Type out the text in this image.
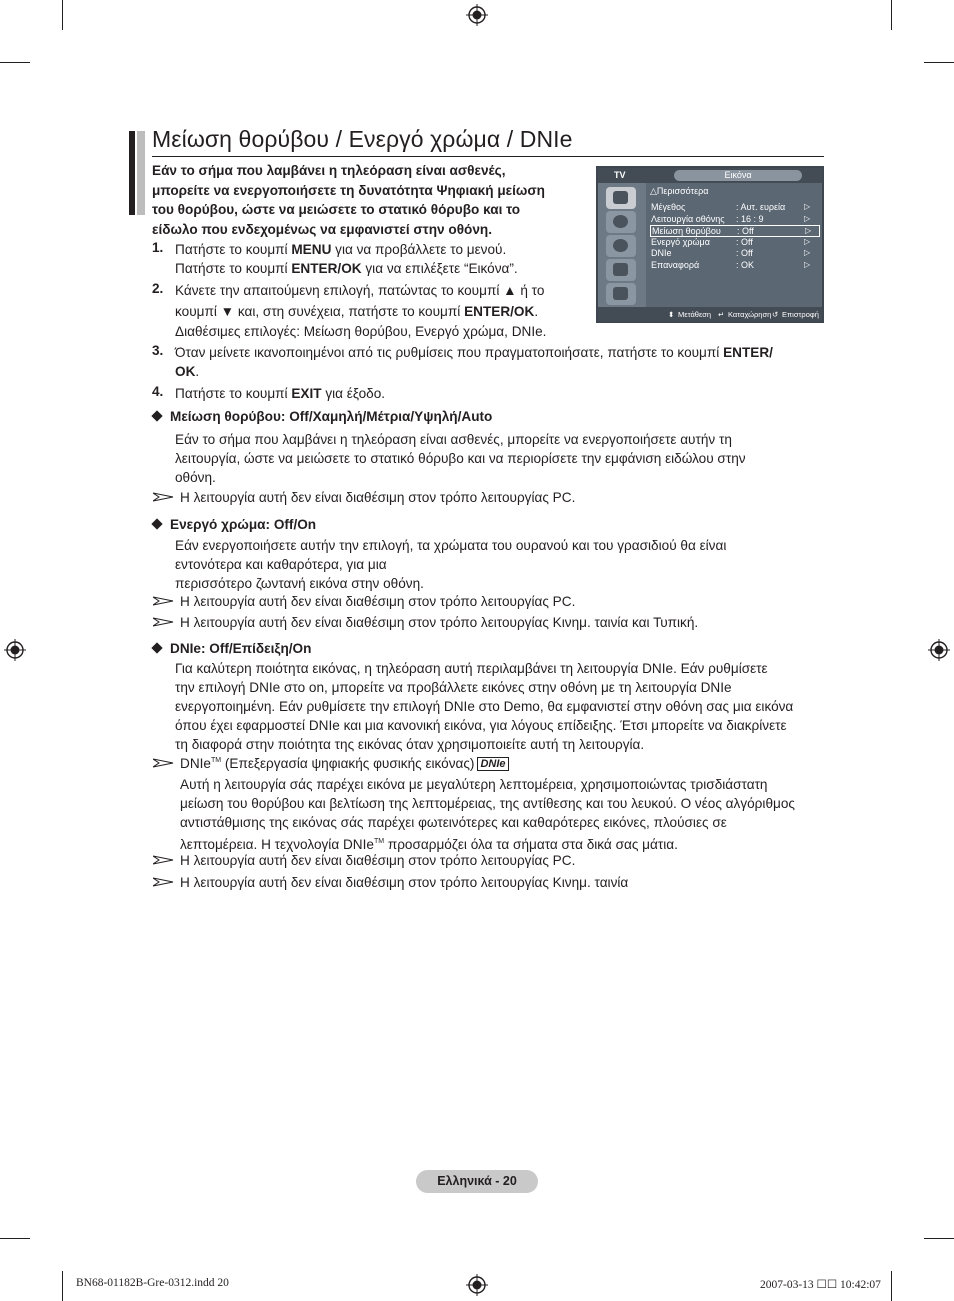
Μείωση θορύβου / Ενεργό χρώμα / DNIe
Εάν το σήμα που λαμβάνει η τηλεόραση είναι ασθενές,
μπορείτε να ενεργοποιήσετε τη δυνατότητα Ψηφιακή μείωση
του θορύβου, ώστε να μειώσετε το στατικό θόρυβο και το
είδωλο που ενδεχομένως να εμφανιστεί στην οθόνη.
1. Πατήστε το κουμπί MENU για να προβάλλετε το μενού.
Πατήστε το κουμπί ENTER/OK για να επιλέξετε “Εικόνα”.
2. Κάνετε την απαιτούμενη επιλογή, πατώντας το κουμπί ▲ ή το
κουμπί ▼ και, στη συνέχεια, πατήστε το κουμπί ENTER/OK.
Διαθέσιμες επιλογές: Μείωση θορύβου, Ενεργό χρώμα, DNIe.
3. Όταν μείνετε ικανοποιημένοι από τις ρυθμίσεις που πραγματοποιήσατε, πατήστε το κουμπί ENTER/
OK.
4. Πατήστε το κουμπί EXIT για έξοδο.
TV	Εικόνα
△Περισσότερα
Μέγεθος	: Αυτ. ευρεία ▷
Λειτουργία οθόνης : 16 : 9	▷
Μείωση θορύβου : Off	▷
Ενεργό χρώμα	: Off	▷
DNIe	: Off	▷
Επαναφορά	: OK	▷
⬍ Μετάθεση ↵ Καταχώρηση ↺ Επιστροφή
Μείωση θορύβου: Off/Χαμηλή/Μέτρια/Υψηλή/Auto
Εάν το σήμα που λαμβάνει η τηλεόραση είναι ασθενές, μπορείτε να ενεργοποιήσετε αυτήν τη
λειτουργία, ώστε να μειώσετε το στατικό θόρυβο και να περιορίσετε την εμφάνιση ειδώλου στην
οθόνη.
Η λειτουργία αυτή δεν είναι διαθέσιμη στον τρόπο λειτουργίας PC.
Ενεργό χρώμα: Off/On
Εάν ενεργοποιήσετε αυτήν την επιλογή, τα χρώματα του ουρανού και του γρασιδιού θα είναι
εντονότερα και καθαρότερα, για μια
περισσότερο ζωντανή εικόνα στην οθόνη.
Η λειτουργία αυτή δεν είναι διαθέσιμη στον τρόπο λειτουργίας PC.
Η λειτουργία αυτή δεν είναι διαθέσιμη στον τρόπο λειτουργίας Κινημ. ταινία και Τυπική.
DNIe: Off/Επίδειξη/On
Για καλύτερη ποιότητα εικόνας, η τηλεόραση αυτή περιλαμβάνει τη λειτουργία DNIe. Εάν ρυθμίσετε
την επιλογή DNIe στο on, μπορείτε να προβάλλετε εικόνες στην οθόνη με τη λειτουργία DNIe
ενεργοποιημένη. Εάν ρυθμίσετε την επιλογή DNIe στο Demo, θα εμφανιστεί στην οθόνη σας μια εικόνα
όπου έχει εφαρμοστεί DNIe και μια κανονική εικόνα, για λόγους επίδειξης. Έτσι μπορείτε να διακρίνετε
τη διαφορά στην ποιότητα της εικόνας όταν χρησιμοποιείτε αυτή τη λειτουργία.
DNIe™ (Επεξεργασία ψηφιακής φυσικής εικόνας) DNIe
Αυτή η λειτουργία σάς παρέχει εικόνα με μεγαλύτερη λεπτομέρεια, χρησιμοποιώντας τρισδιάστατη
μείωση του θορύβου και βελτίωση της λεπτομέρειας, της αντίθεσης και του λευκού. Ο νέος αλγόριθμος
αντιστάθμισης της εικόνας σάς παρέχει φωτεινότερες και καθαρότερες εικόνες, πλούσιες σε
λεπτομέρεια. Η τεχνολογία DNIe™ προσαρμόζει όλα τα σήματα στα δικά σας μάτια.
Η λειτουργία αυτή δεν είναι διαθέσιμη στον τρόπο λειτουργίας PC.
Η λειτουργία αυτή δεν είναι διαθέσιμη στον τρόπο λειτουργίας Κινημ. ταινία
Ελληνικά - 20
BN68-01182B-Gre-0312.indd 20	2007-03-13 ☐☐ 10:42:07
